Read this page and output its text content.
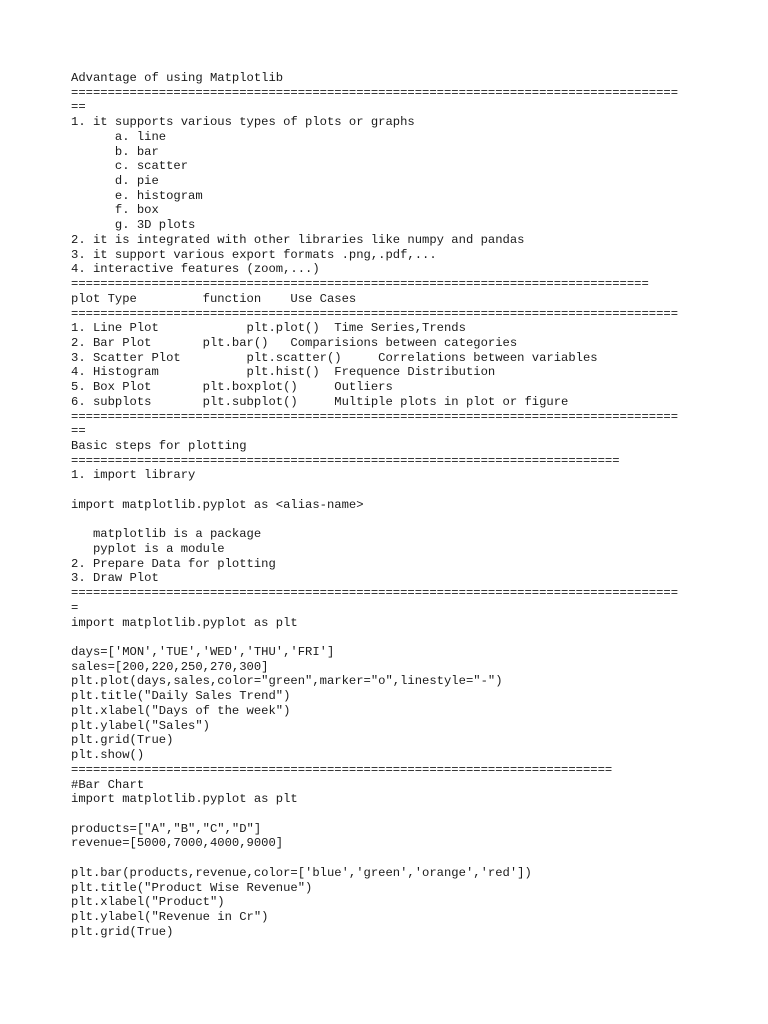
Advantage of using Matplotlib
===================================================================================
==
1. it supports various types of plots or graphs
a. line
b. bar
c. scatter
d. pie
e. histogram
f. box
g. 3D plots
2. it is integrated with other libraries like numpy and pandas
3. it support various export formats .png,.pdf,...
4. interactive features (zoom,...)
===============================================================================
plot Type         function    Use Cases
===================================================================================
1. Line Plot            plt.plot()  Time Series,Trends
2. Bar Plot       plt.bar()   Comparisions between categories
3. Scatter Plot         plt.scatter()     Correlations between variables
4. Histogram            plt.hist()  Frequence Distribution
5. Box Plot       plt.boxplot()     Outliers
6. subplots       plt.subplot()     Multiple plots in plot or figure
===================================================================================
==
Basic steps for plotting
===========================================================================
1. import library
import matplotlib.pyplot as <alias-name>
matplotlib is a package
pyplot is a module
2. Prepare Data for plotting
3. Draw Plot
===================================================================================
=
import matplotlib.pyplot as plt
days=['MON','TUE','WED','THU','FRI']
sales=[200,220,250,270,300]
plt.plot(days,sales,color="green",marker="o",linestyle="-")
plt.title("Daily Sales Trend")
plt.xlabel("Days of the week")
plt.ylabel("Sales")
plt.grid(True)
plt.show()
==========================================================================
#Bar Chart
import matplotlib.pyplot as plt
products=["A","B","C","D"]
revenue=[5000,7000,4000,9000]
plt.bar(products,revenue,color=['blue','green','orange','red'])
plt.title("Product Wise Revenue")
plt.xlabel("Product")
plt.ylabel("Revenue in Cr")
plt.grid(True)
